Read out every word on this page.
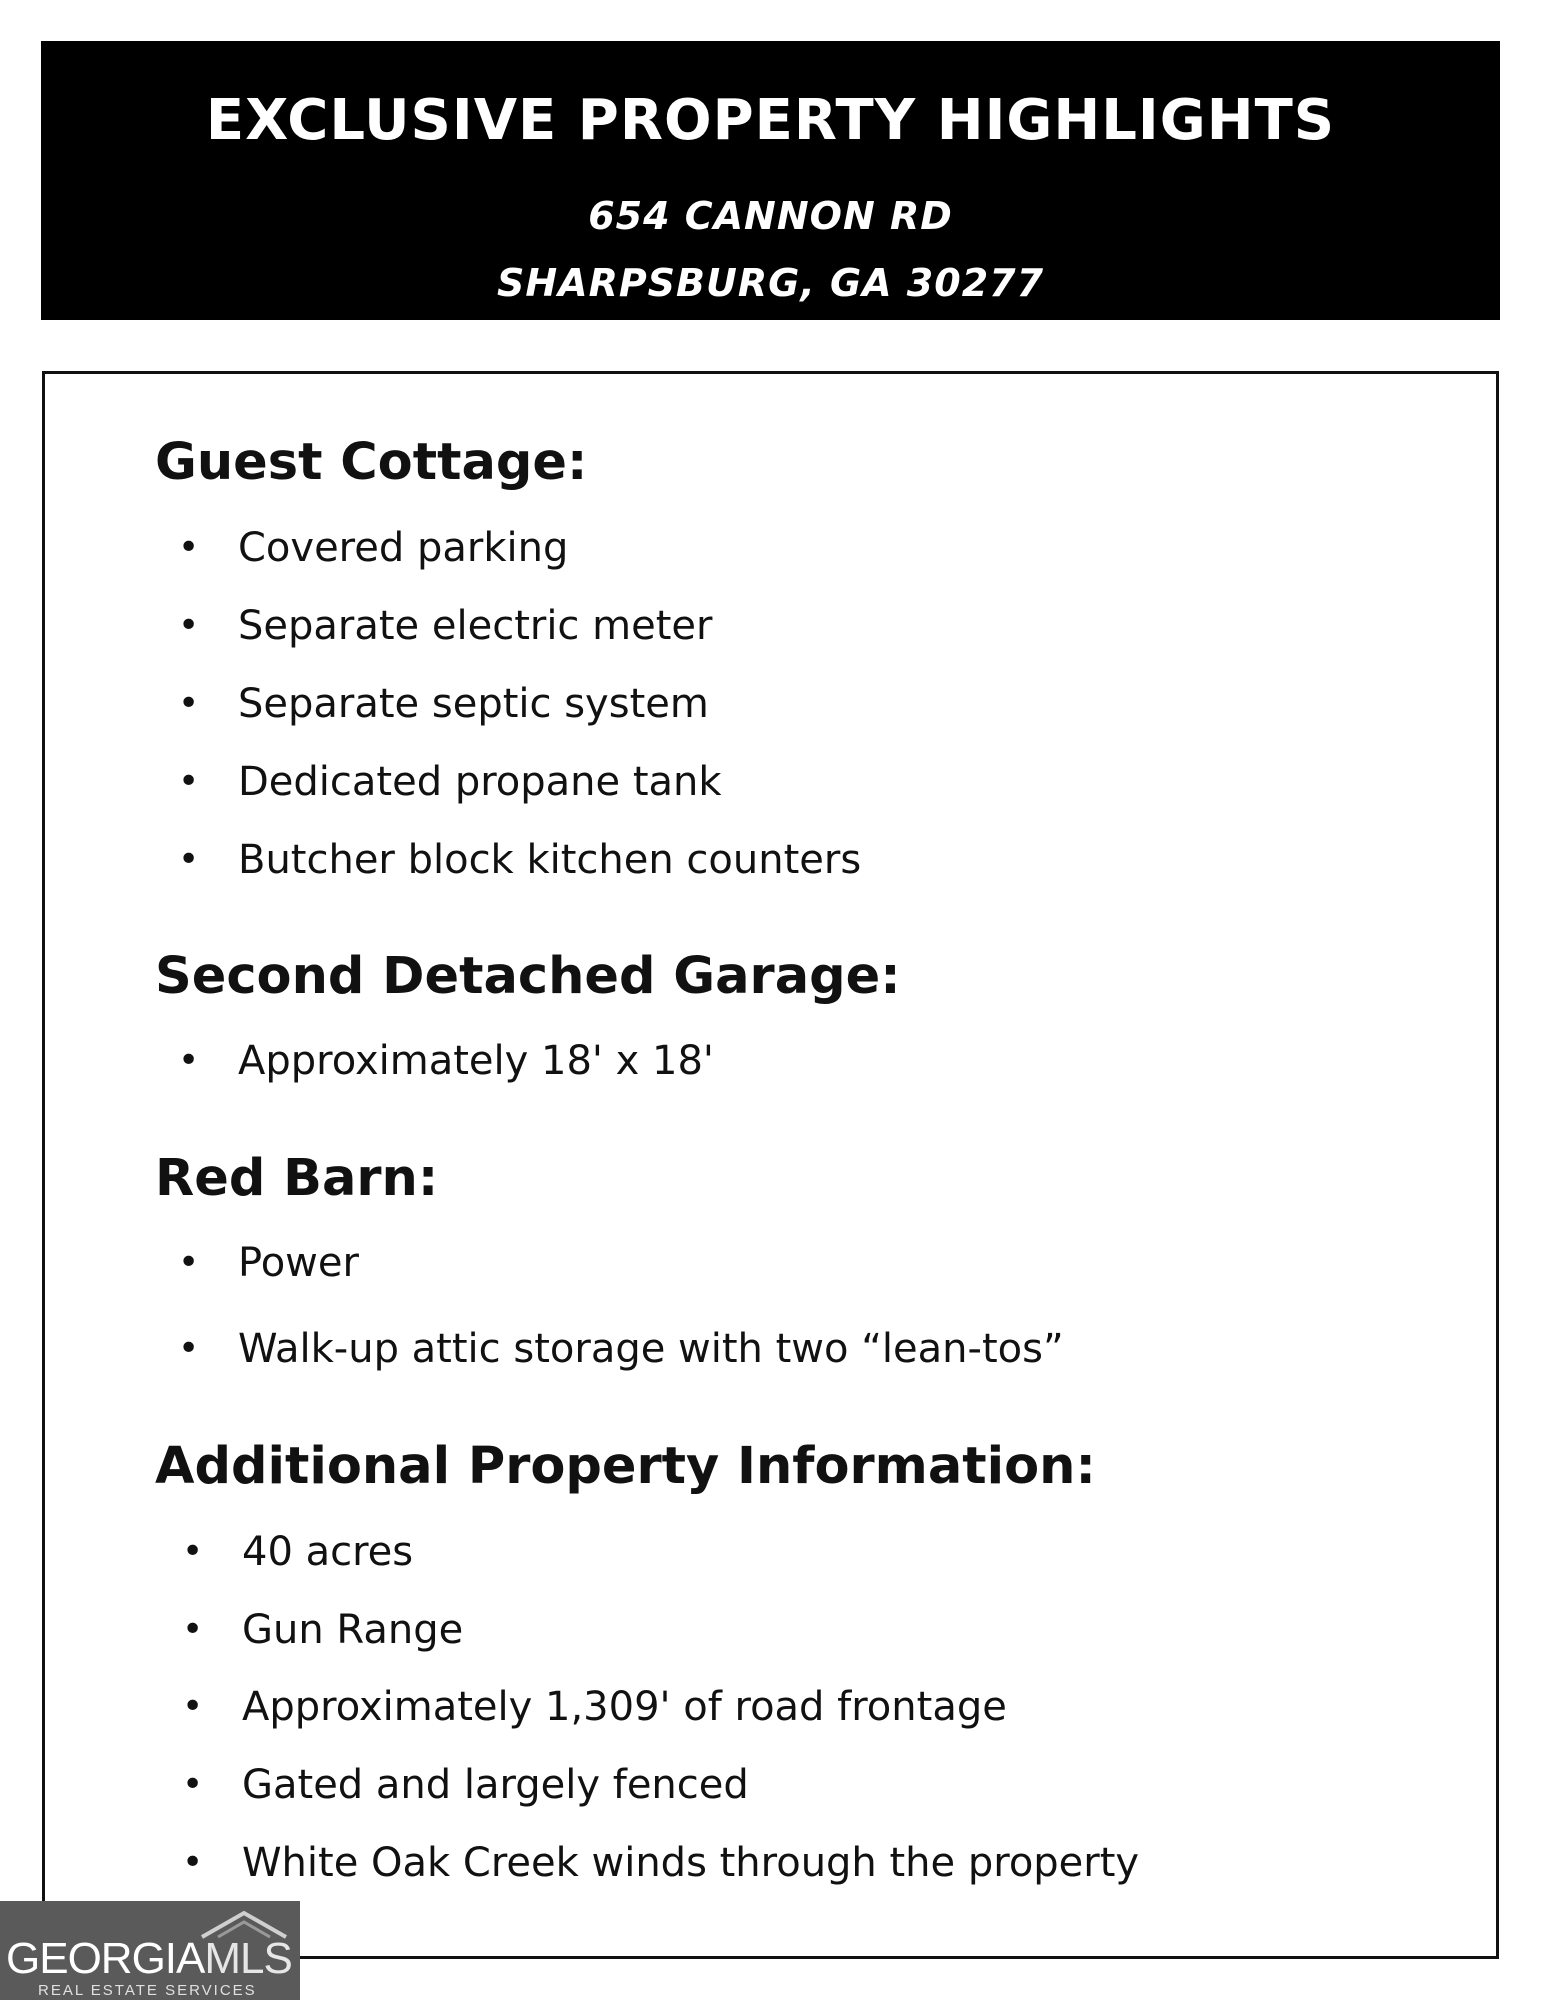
EXCLUSIVE PROPERTY HIGHLIGHTS
654 CANNON RD
SHARPSBURG, GA 30277
Guest Cottage:
• Covered parking
• Separate electric meter
• Separate septic system
• Dedicated propane tank
• Butcher block kitchen counters
Second Detached Garage:
• Approximately 18' x 18'
Red Barn:
• Power
• Walk-up attic storage with two “lean-tos”
Additional Property Information:
• 40 acres
• Gun Range
• Approximately 1,309' of road frontage
• Gated and largely fenced
• White Oak Creek winds through the property
GEORGIAMLS
REAL ESTATE SERVICES
